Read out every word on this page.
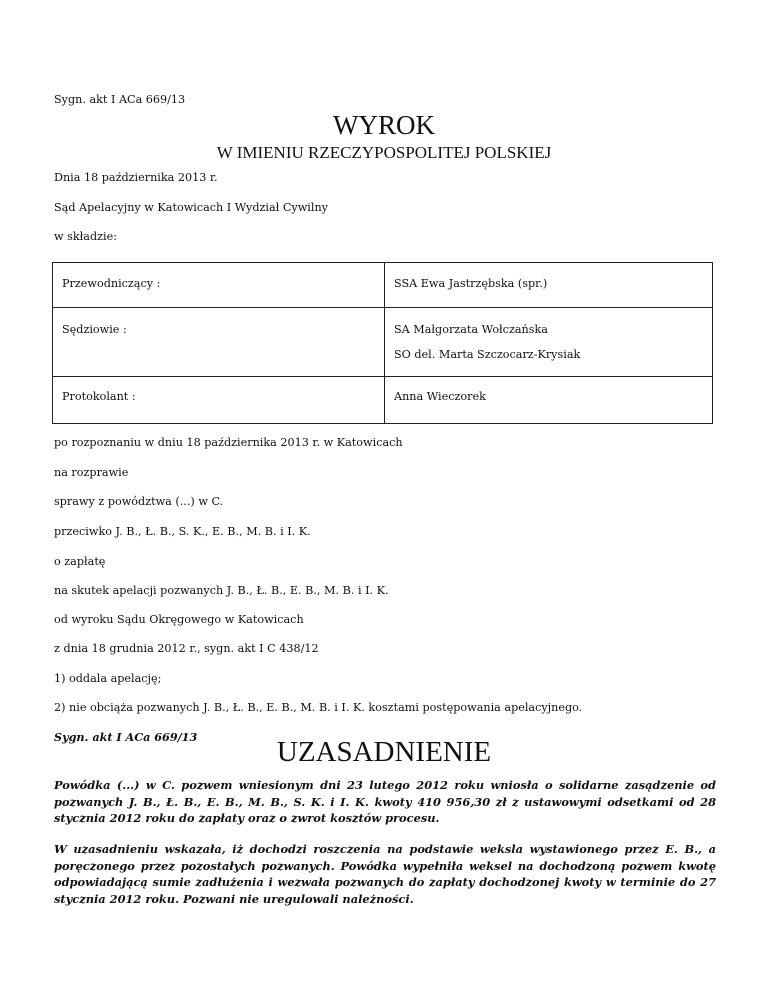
Sygn. akt I ACa 669/13
WYROK
W IMIENIU RZECZYPOSPOLITEJ POLSKIEJ
Dnia 18 października 2013 r.
Sąd Apelacyjny w Katowicach I Wydział Cywilny
w składzie:
Przewodniczący :	SSA Ewa Jastrzębska (spr.)

Sędziowie :	SA Małgorzata Wołczańska
SO del. Marta Szczocarz-Krysiak

Protokolant :	Anna Wieczorek
po rozpoznaniu w dniu 18 października 2013 r. w Katowicach
na rozprawie
sprawy z powództwa (...) w C.
przeciwko J. B., Ł. B., S. K., E. B., M. B. i I. K.
o zapłatę
na skutek apelacji pozwanych J. B., Ł. B., E. B., M. B. i I. K.
od wyroku Sądu Okręgowego w Katowicach
z dnia 18 grudnia 2012 r., sygn. akt I C 438/12
1) oddala apelację;
2) nie obciąża pozwanych J. B., Ł. B., E. B., M. B. i I. K. kosztami postępowania apelacyjnego.
Sygn. akt I ACa 669/13	UZASADNIENIE
Powódka (...) w C. pozwem wniesionym dni 23 lutego 2012 roku wniosła o solidarne zasądzenie od pozwanych J. B., Ł. B., E. B., M. B., S. K. i I. K. kwoty 410 956,30 zł z ustawowymi odsetkami od 28 stycznia 2012 roku do zapłaty oraz o zwrot kosztów procesu.
W uzasadnieniu wskazała, iż dochodzi roszczenia na podstawie weksla wystawionego przez E. B., a poręczonego przez pozostałych pozwanych. Powódka wypełniła weksel na dochodzoną pozwem kwotę odpowiadającą sumie zadłużenia i wezwała pozwanych do zapłaty dochodzonej kwoty w terminie do 27 stycznia 2012 roku. Pozwani nie uregulowali należności.
